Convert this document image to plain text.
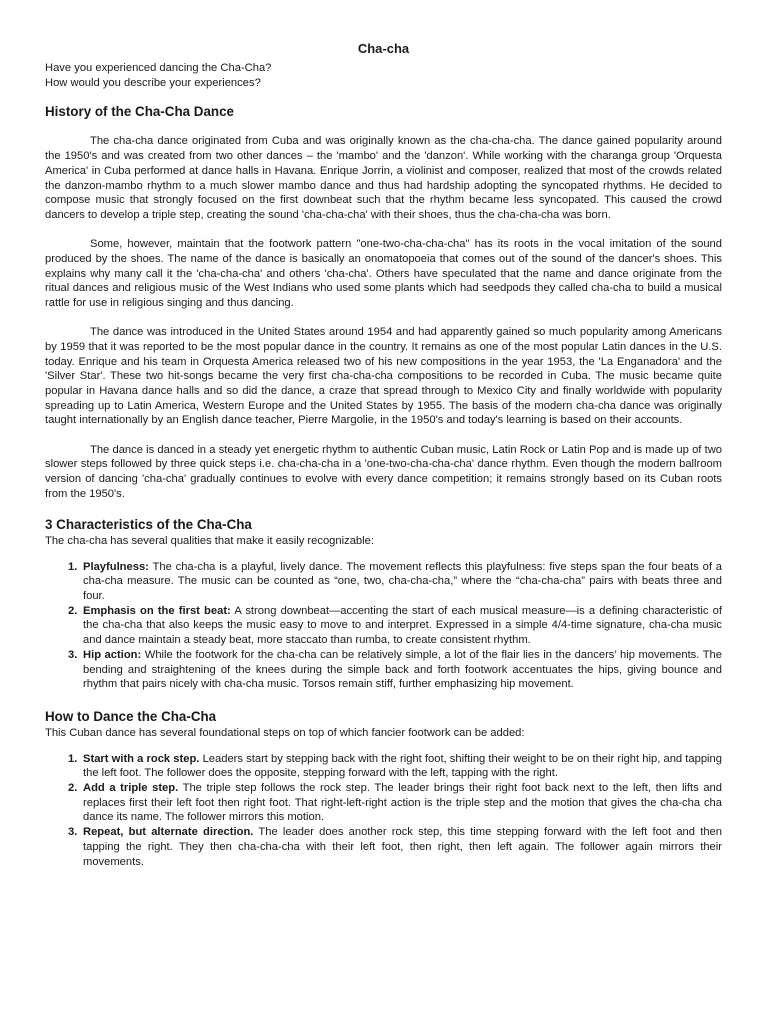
Cha-cha

Have you experienced dancing the Cha-Cha?

How would you describe your experiences?

History of the Cha-Cha Dance

The cha-cha dance originated from Cuba and was originally known as the cha-cha-cha. The dance gained popularity around the 1950's and was created from two other dances – the 'mambo' and the 'danzon'. While working with the charanga group 'Orquesta America' in Cuba performed at dance halls in Havana. Enrique Jorrin, a violinist and composer, realized that most of the crowds related the danzon-mambo rhythm to a much slower mambo dance and thus had hardship adopting the syncopated rhythms. He decided to compose music that strongly focused on the first downbeat such that the rhythm became less syncopated. This caused the crowd dancers to develop a triple step, creating the sound 'cha-cha-cha' with their shoes, thus the cha-cha-cha was born.

Some, however, maintain that the footwork pattern "one-two-cha-cha-cha" has its roots in the vocal imitation of the sound produced by the shoes. The name of the dance is basically an onomatopoeia that comes out of the sound of the dancer's shoes. This explains why many call it the 'cha-cha-cha' and others 'cha-cha'. Others have speculated that the name and dance originate from the ritual dances and religious music of the West Indians who used some plants which had seedpods they called cha-cha to build a musical rattle for use in religious singing and thus dancing.

The dance was introduced in the United States around 1954 and had apparently gained so much popularity among Americans by 1959 that it was reported to be the most popular dance in the country. It remains as one of the most popular Latin dances in the U.S. today. Enrique and his team in Orquesta America released two of his new compositions in the year 1953, the 'La Enganadora' and the 'Silver Star'. These two hit-songs became the very first cha-cha-cha compositions to be recorded in Cuba. The music became quite popular in Havana dance halls and so did the dance, a craze that spread through to Mexico City and finally worldwide with popularity spreading up to Latin America, Western Europe and the United States by 1955. The basis of the modern cha-cha dance was originally taught internationally by an English dance teacher, Pierre Margolie, in the 1950's and today's learning is based on their accounts.

The dance is danced in a steady yet energetic rhythm to authentic Cuban music, Latin Rock or Latin Pop and is made up of two slower steps followed by three quick steps i.e. cha-cha-cha in a 'one-two-cha-cha-cha' dance rhythm. Even though the modern ballroom version of dancing 'cha-cha' gradually continues to evolve with every dance competition; it remains strongly based on its Cuban roots from the 1950's.

3 Characteristics of the Cha-Cha

The cha-cha has several qualities that make it easily recognizable:

1. Playfulness: The cha-cha is a playful, lively dance. The movement reflects this playfulness: five steps span the four beats of a cha-cha measure. The music can be counted as “one, two, cha-cha-cha,” where the “cha-cha-cha” pairs with beats three and four.
2. Emphasis on the first beat: A strong downbeat—accenting the start of each musical measure—is a defining characteristic of the cha-cha that also keeps the music easy to move to and interpret. Expressed in a simple 4/4-time signature, cha-cha music and dance maintain a steady beat, more staccato than rumba, to create consistent rhythm.
3. Hip action: While the footwork for the cha-cha can be relatively simple, a lot of the flair lies in the dancers’ hip movements. The bending and straightening of the knees during the simple back and forth footwork accentuates the hips, giving bounce and rhythm that pairs nicely with cha-cha music. Torsos remain stiff, further emphasizing hip movement.
How to Dance the Cha-Cha

This Cuban dance has several foundational steps on top of which fancier footwork can be added:

1. Start with a rock step. Leaders start by stepping back with the right foot, shifting their weight to be on their right hip, and tapping the left foot. The follower does the opposite, stepping forward with the left, tapping with the right.
2. Add a triple step. The triple step follows the rock step. The leader brings their right foot back next to the left, then lifts and replaces first their left foot then right foot. That right-left-right action is the triple step and the motion that gives the cha-cha cha dance its name. The follower mirrors this motion.
3. Repeat, but alternate direction. The leader does another rock step, this time stepping forward with the left foot and then tapping the right. They then cha-cha-cha with their left foot, then right, then left again. The follower again mirrors their movements.
